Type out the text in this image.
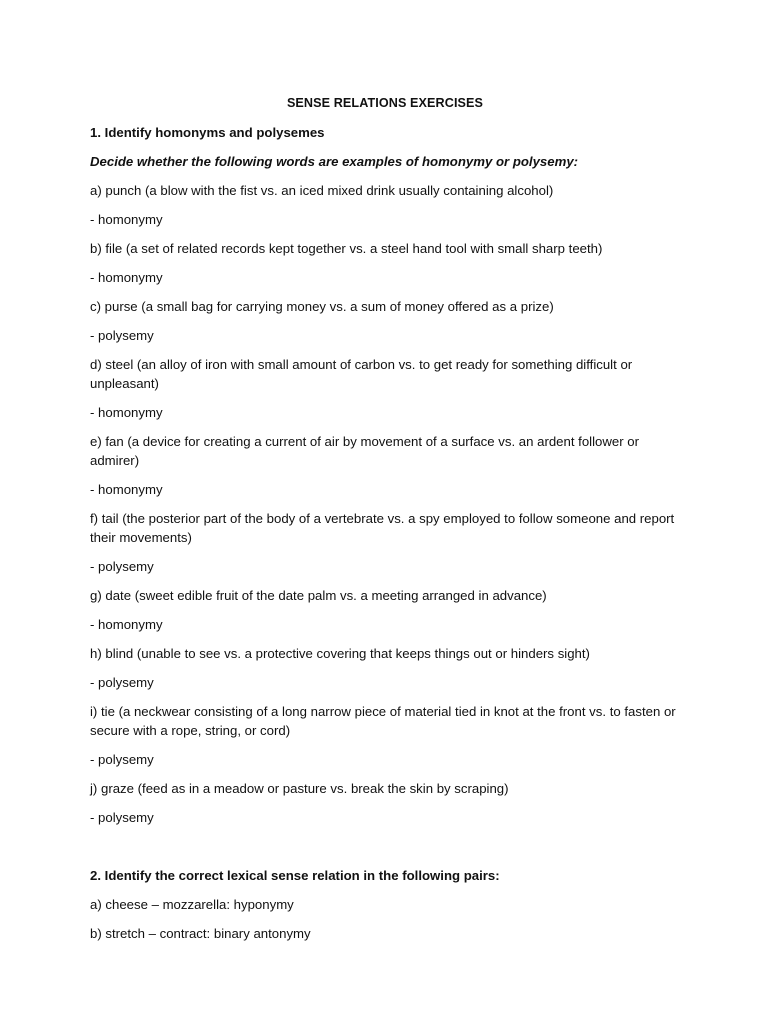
SENSE RELATIONS EXERCISES
1. Identify homonyms and polysemes
Decide whether the following words are examples of homonymy or polysemy:
a) punch (a blow with the fist vs. an iced mixed drink usually containing alcohol)
- homonymy
b) file (a set of related records kept together vs. a steel hand tool with small sharp teeth)
- homonymy
c) purse (a small bag for carrying money vs. a sum of money offered as a prize)
- polysemy
d) steel (an alloy of iron with small amount of carbon vs. to get ready for something difficult or unpleasant)
- homonymy
e) fan (a device for creating a current of air by movement of a surface vs. an ardent follower or admirer)
- homonymy
f) tail (the posterior part of the body of a vertebrate vs. a spy employed to follow someone and report their movements)
- polysemy
g) date (sweet edible fruit of the date palm vs. a meeting arranged in advance)
- homonymy
h) blind (unable to see vs. a protective covering that keeps things out or hinders sight)
- polysemy
i) tie (a neckwear consisting of a long narrow piece of material tied in knot at the front vs. to fasten or secure with a rope, string, or cord)
- polysemy
j) graze (feed as in a meadow or pasture vs. break the skin by scraping)
- polysemy
2. Identify the correct lexical sense relation in the following pairs:
a) cheese – mozzarella: hyponymy
b) stretch – contract: binary antonymy
